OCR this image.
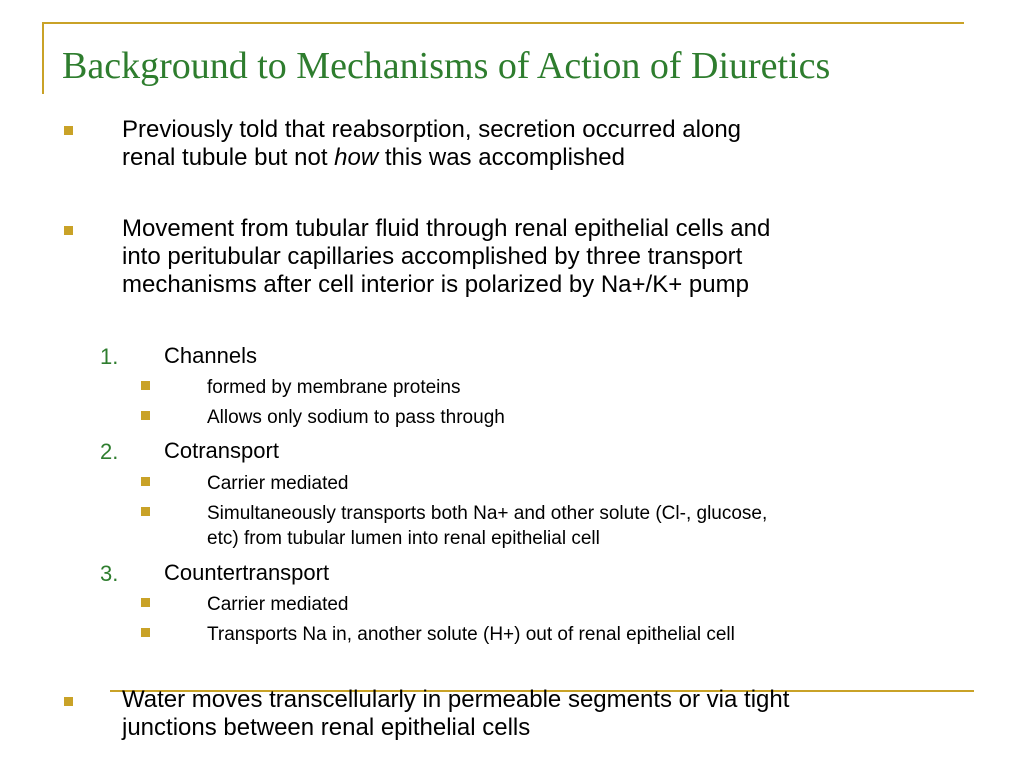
Background to Mechanisms of Action of Diuretics
Previously told that reabsorption, secretion occurred along
renal tubule but not how this was accomplished
Movement from tubular fluid through renal epithelial cells and
into peritubular capillaries accomplished by three transport
mechanisms after cell interior is polarized by Na+/K+ pump
1. Channels
formed by membrane proteins
Allows only sodium to pass through
2. Cotransport
Carrier mediated
Simultaneously transports both Na+ and other solute (Cl-, glucose,
etc) from tubular lumen into renal epithelial cell
3. Countertransport
Carrier mediated
Transports Na in, another solute (H+) out of renal epithelial cell
Water moves transcellularly in permeable segments or via tight
junctions between renal epithelial cells
